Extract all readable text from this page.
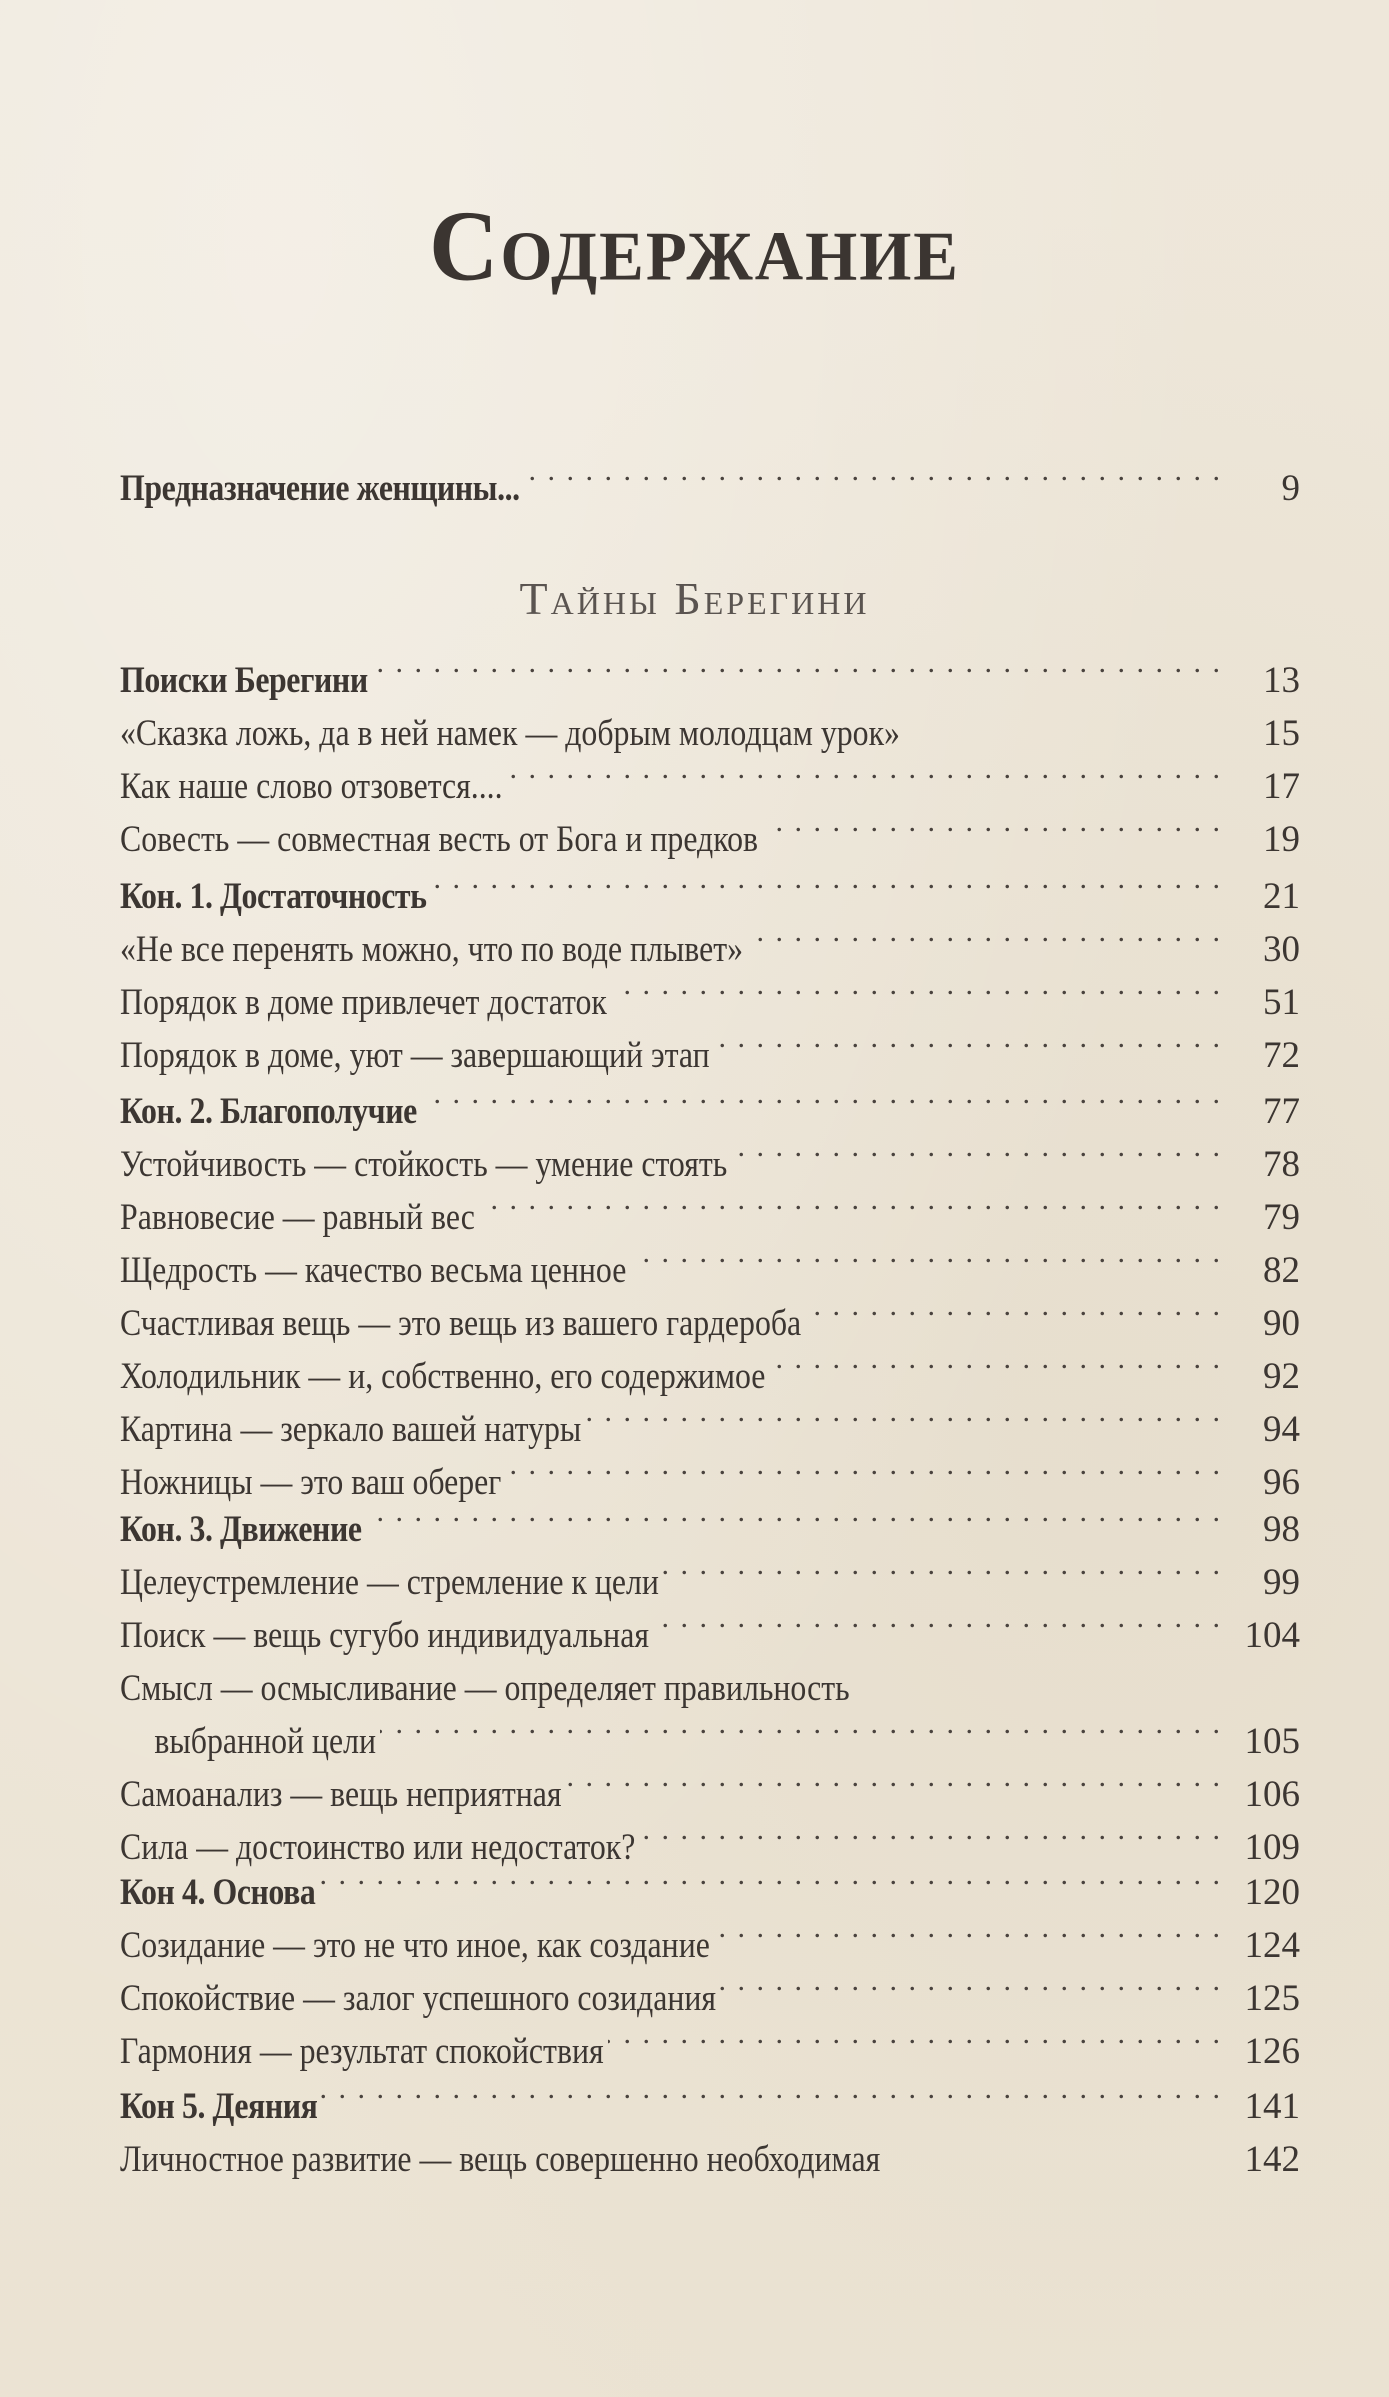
Содержание
Предназначение женщины... . . .	9
Тайны Берегини
Поиски Берегини . . .	13
«Сказка ложь, да в ней намек — добрым молодцам урок»	15
Как наше слово отзовется.... . . .	17
Совесть — совместная весть от Бога и предков . . .	19
Кон. 1. Достаточность . . .	21
«Не все перенять можно, что по воде плывет» . . .	30
Порядок в доме привлечет достаток . . .	51
Порядок в доме, уют — завершающий этап . . .	72
Кон. 2. Благополучие . . .	77
Устойчивость — стойкость — умение стоять . . .	78
Равновесие — равный вес . . .	79
Щедрость — качество весьма ценное . . .	82
Счастливая вещь — это вещь из вашего гардероба . . .	90
Холодильник — и, собственно, его содержимое . . .	92
Картина — зеркало вашей натуры . . .	94
Ножницы — это ваш оберег . . .	96
Кон. 3. Движение . . .	98
Целеустремление — стремление к цели . . .	99
Поиск — вещь сугубо индивидуальная . . .	104
Смысл — осмысливание — определяет правильность
выбранной цели . . .	105
Самоанализ — вещь неприятная . . .	106
Сила — достоинство или недостаток? . . .	109
Кон 4. Основа . . .	120
Созидание — это не что иное, как создание . . .	124
Спокойствие — залог успешного созидания . . .	125
Гармония — результат спокойствия . . .	126
Кон 5. Деяния . . .	141
Личностное развитие — вещь совершенно необходимая	142
